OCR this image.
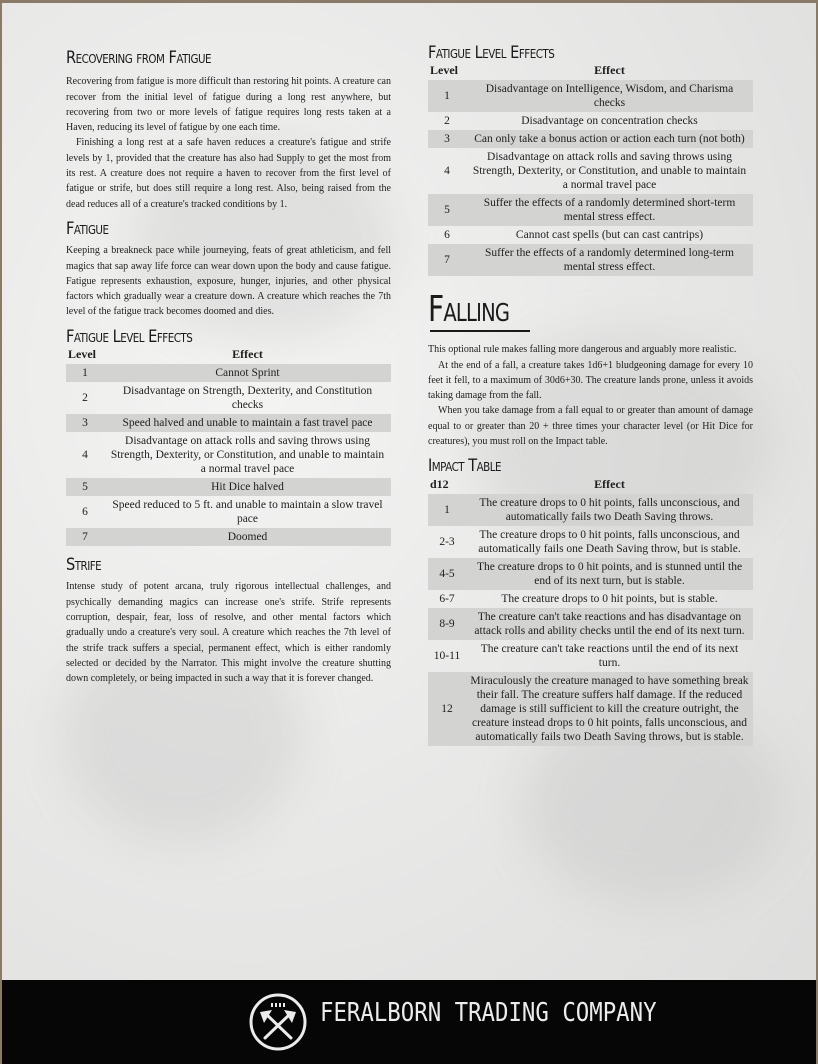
Recovering from Fatigue

Recovering from fatigue is more difficult than restoring hit points. A creature can recover from the initial level of fatigue during a long rest anywhere, but recovering from two or more levels of fatigue requires long rests taken at a Haven, reducing its level of fatigue by one each time.

Finishing a long rest at a safe haven reduces a creature's fatigue and strife levels by 1, provided that the creature has also had Supply to get the most from its rest. A creature does not require a haven to recover from the first level of fatigue or strife, but does still require a long rest. Also, being raised from the dead reduces all of a creature's tracked conditions by 1.

Fatigue

Keeping a breakneck pace while journeying, feats of great athleticism, and fell magics that sap away life force can wear down upon the body and cause fatigue. Fatigue represents exhaustion, exposure, hunger, injuries, and other physical factors which gradually wear a creature down. A creature which reaches the 7th level of the fatigue track becomes doomed and dies.

Fatigue Level Effects
Level	Effect
1	Cannot Sprint
2	Disadvantage on Strength, Dexterity, and Constitution checks
3	Speed halved and unable to maintain a fast travel pace
4	Disadvantage on attack rolls and saving throws using Strength, Dexterity, or Constitution, and unable to maintain a normal travel pace
5	Hit Dice halved
6	Speed reduced to 5 ft. and unable to maintain a slow travel pace
7	Doomed
Strife

Intense study of potent arcana, truly rigorous intellectual challenges, and psychically demanding magics can increase one's strife. Strife represents corruption, despair, fear, loss of resolve, and other mental factors which gradually undo a creature's very soul. A creature which reaches the 7th level of the strife track suffers a special, permanent effect, which is either randomly selected or decided by the Narrator. This might involve the creature shutting down completely, or being impacted in such a way that it is forever changed.

Fatigue Level Effects
Level	Effect
1	Disadvantage on Intelligence, Wisdom, and Charisma checks
2	Disadvantage on concentration checks
3	Can only take a bonus action or action each turn (not both)
4	Disadvantage on attack rolls and saving throws using Strength, Dexterity, or Constitution, and unable to maintain a normal travel pace
5	Suffer the effects of a randomly determined short-term mental stress effect.
6	Cannot cast spells (but can cast cantrips)
7	Suffer the effects of a randomly determined long-term mental stress effect.
Falling

This optional rule makes falling more dangerous and arguably more realistic.

At the end of a fall, a creature takes 1d6+1 bludgeoning damage for every 10 feet it fell, to a maximum of 30d6+30. The creature lands prone, unless it avoids taking damage from the fall.

When you take damage from a fall equal to or greater than amount of damage equal to or greater than 20 + three times your character level (or Hit Dice for creatures), you must roll on the Impact table.

Impact Table
d12	Effect
1	The creature drops to 0 hit points, falls unconscious, and automatically fails two Death Saving throws.
2-3	The creature drops to 0 hit points, falls unconscious, and automatically fails one Death Saving throw, but is stable.
4-5	The creature drops to 0 hit points, and is stunned until the end of its next turn, but is stable.
6-7	The creature drops to 0 hit points, but is stable.
8-9	The creature can't take reactions and has disadvantage on attack rolls and ability checks until the end of its next turn.
10-11	The creature can't take reactions until the end of its next turn.
12	Miraculously the creature managed to have something break their fall. The creature suffers half damage. If the reduced damage is still sufficient to kill the creature outright, the creature instead drops to 0 hit points, falls unconscious, and automatically fails two Death Saving throws, but is stable.
FERALBORN TRADING COMPANY
